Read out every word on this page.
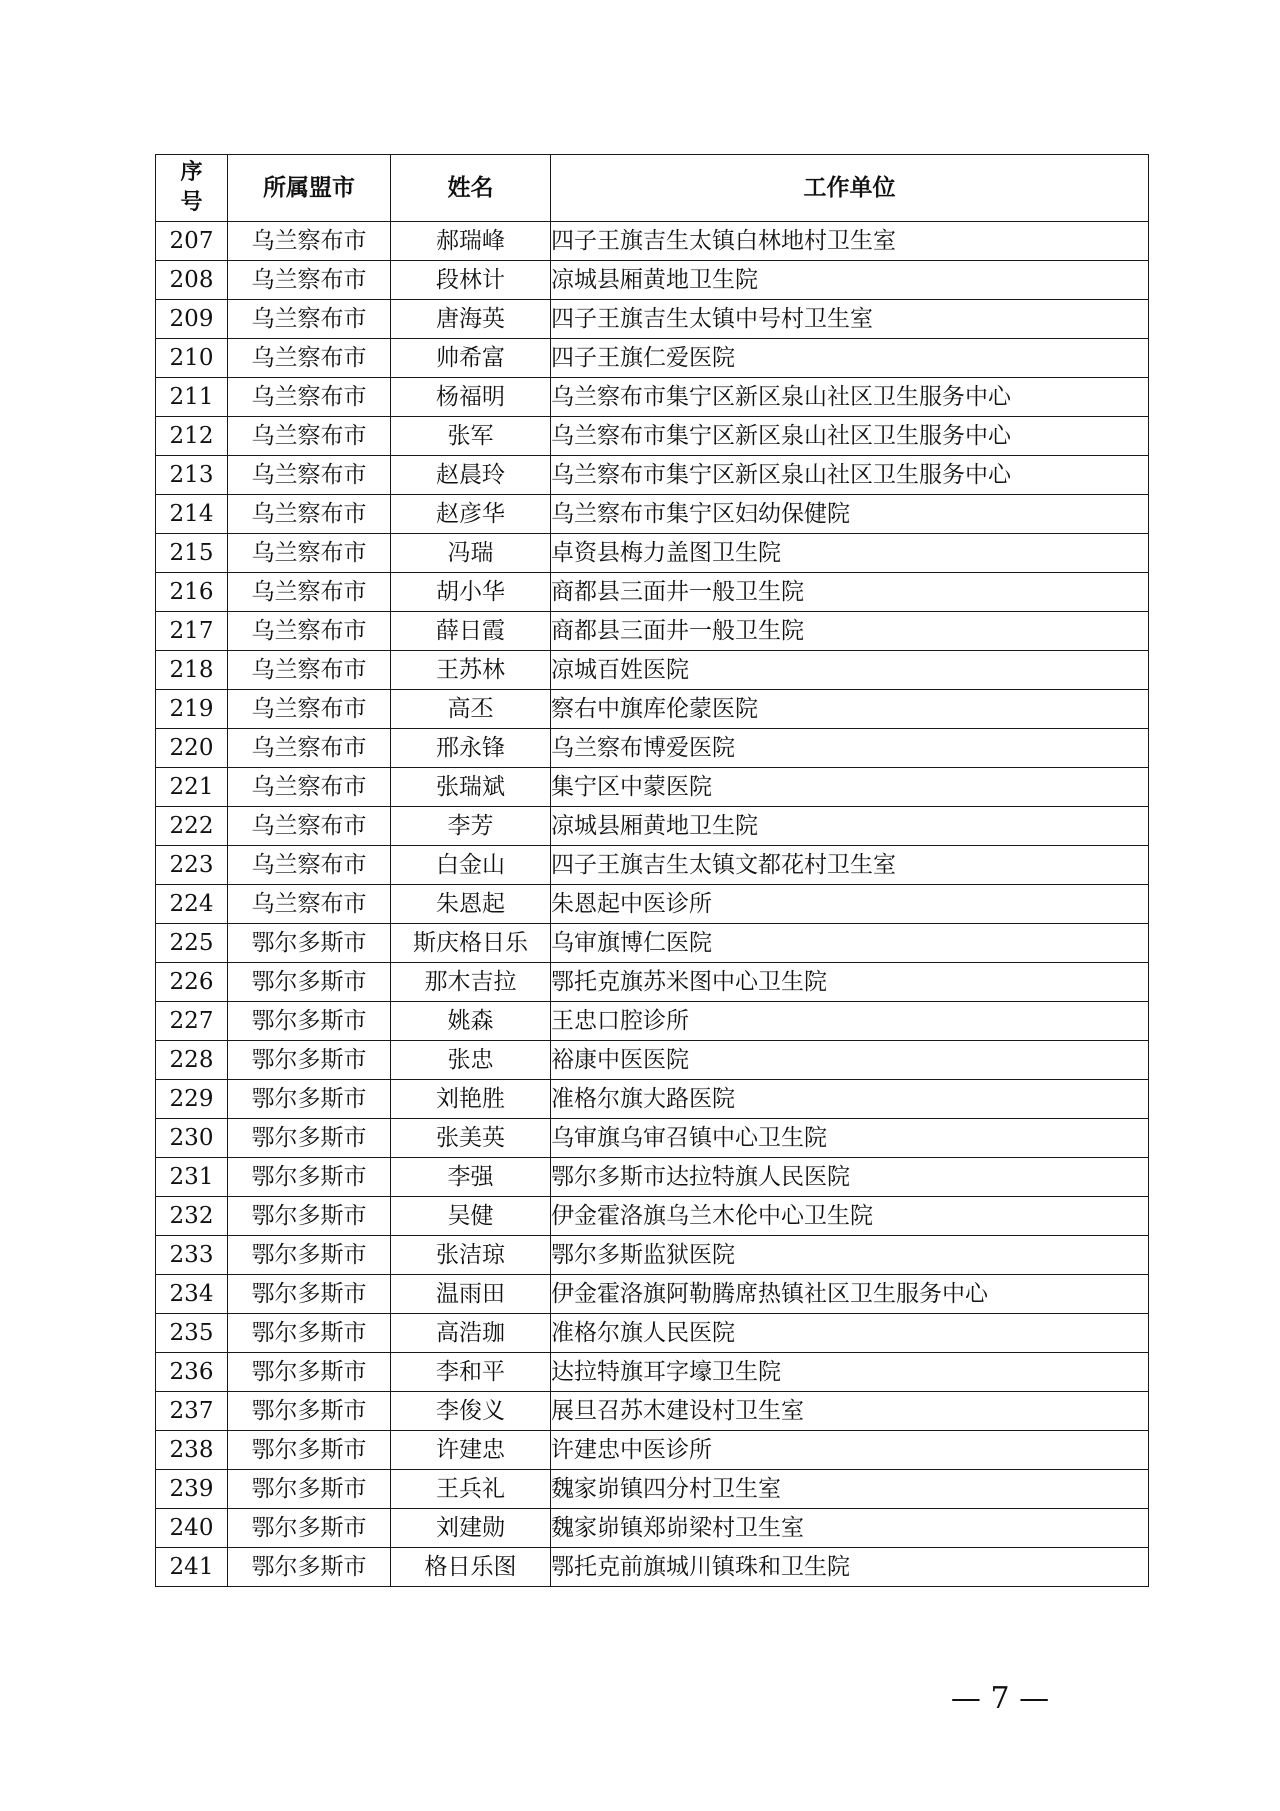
序
号	所属盟市	姓名	工作单位
207	乌兰察布市	郝瑞峰	四子王旗吉生太镇白林地村卫生室
208	乌兰察布市	段林计	凉城县厢黄地卫生院
209	乌兰察布市	唐海英	四子王旗吉生太镇中号村卫生室
210	乌兰察布市	帅希富	四子王旗仁爱医院
211	乌兰察布市	杨福明	乌兰察布市集宁区新区泉山社区卫生服务中心
212	乌兰察布市	张军	乌兰察布市集宁区新区泉山社区卫生服务中心
213	乌兰察布市	赵晨玲	乌兰察布市集宁区新区泉山社区卫生服务中心
214	乌兰察布市	赵彦华	乌兰察布市集宁区妇幼保健院
215	乌兰察布市	冯瑞	卓资县梅力盖图卫生院
216	乌兰察布市	胡小华	商都县三面井一般卫生院
217	乌兰察布市	薛日霞	商都县三面井一般卫生院
218	乌兰察布市	王苏林	凉城百姓医院
219	乌兰察布市	高丕	察右中旗库伦蒙医院
220	乌兰察布市	邢永锋	乌兰察布博爱医院
221	乌兰察布市	张瑞斌	集宁区中蒙医院
222	乌兰察布市	李芳	凉城县厢黄地卫生院
223	乌兰察布市	白金山	四子王旗吉生太镇文都花村卫生室
224	乌兰察布市	朱恩起	朱恩起中医诊所
225	鄂尔多斯市	斯庆格日乐	乌审旗博仁医院
226	鄂尔多斯市	那木吉拉	鄂托克旗苏米图中心卫生院
227	鄂尔多斯市	姚森	王忠口腔诊所
228	鄂尔多斯市	张忠	裕康中医医院
229	鄂尔多斯市	刘艳胜	准格尔旗大路医院
230	鄂尔多斯市	张美英	乌审旗乌审召镇中心卫生院
231	鄂尔多斯市	李强	鄂尔多斯市达拉特旗人民医院
232	鄂尔多斯市	吴健	伊金霍洛旗乌兰木伦中心卫生院
233	鄂尔多斯市	张洁琼	鄂尔多斯监狱医院
234	鄂尔多斯市	温雨田	伊金霍洛旗阿勒腾席热镇社区卫生服务中心
235	鄂尔多斯市	高浩珈	准格尔旗人民医院
236	鄂尔多斯市	李和平	达拉特旗耳字壕卫生院
237	鄂尔多斯市	李俊义	展旦召苏木建设村卫生室
238	鄂尔多斯市	许建忠	许建忠中医诊所
239	鄂尔多斯市	王兵礼	魏家峁镇四分村卫生室
240	鄂尔多斯市	刘建勋	魏家峁镇郑峁梁村卫生室
241	鄂尔多斯市	格日乐图	鄂托克前旗城川镇珠和卫生院
— 7 —
